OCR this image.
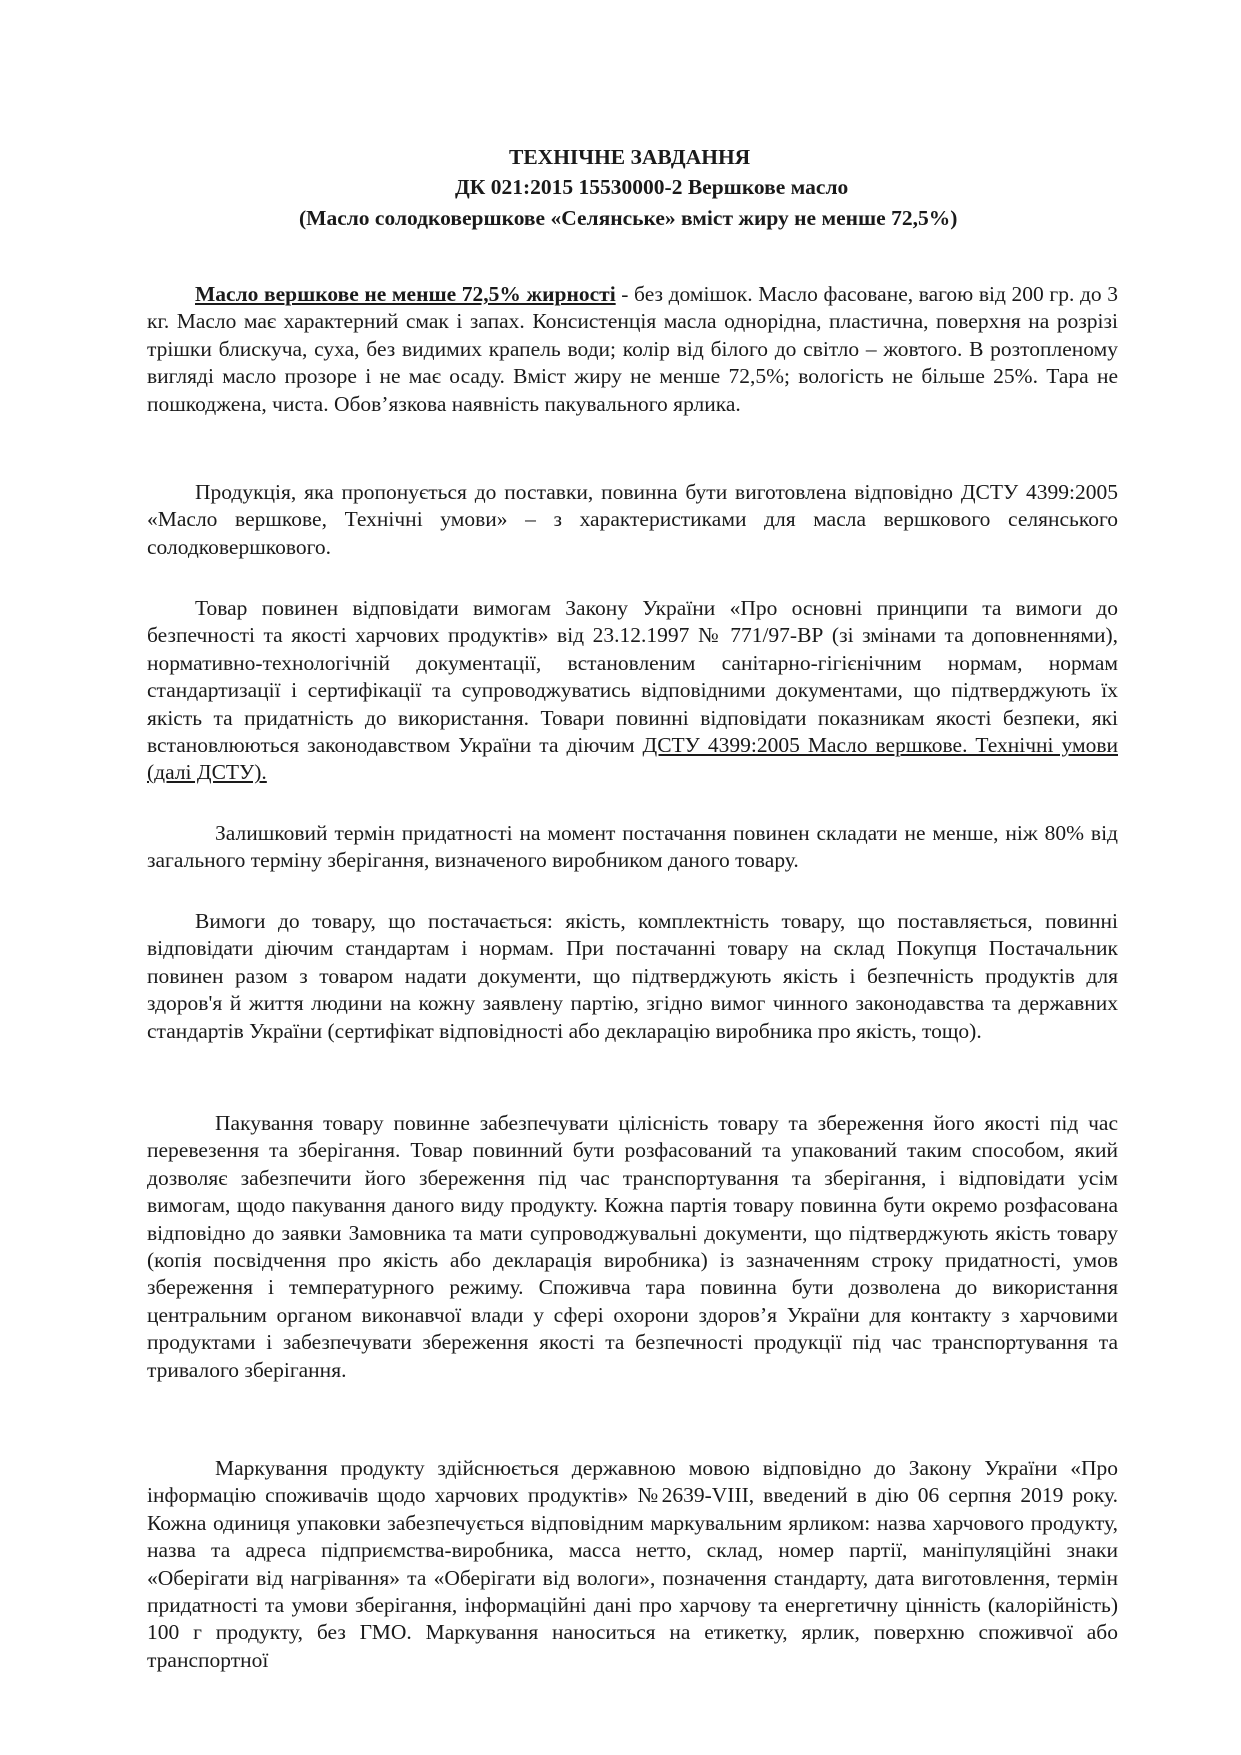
ТЕХНІЧНЕ ЗАВДАННЯ
ДК 021:2015 15530000-2 Вершкове масло
(Масло солодковершкове «Селянське» вміст жиру не менше 72,5%)

Масло вершкове не менше 72,5% жирності - без домішок. Масло фасоване, вагою від 200 гр. до 3 кг. Масло має характерний смак і запах. Консистенція масла однорідна, пластична, поверхня на розрізі трішки блискуча, суха, без видимих крапель води; колір від білого до світло – жовтого. В розтопленому вигляді масло прозоре і не має осаду. Вміст жиру не менше 72,5%; вологість не більше 25%. Тара не пошкоджена, чиста. Обов’язкова наявність пакувального ярлика.

Продукція, яка пропонується до поставки, повинна бути виготовлена відповідно ДСТУ 4399:2005 «Масло вершкове, Технічні умови» – з характеристиками для масла вершкового селянського солодковершкового.

Товар повинен відповідати вимогам Закону України «Про основні принципи та вимоги до безпечності та якості харчових продуктів» від 23.12.1997 № 771/97-ВР (зі змінами та доповненнями), нормативно-технологічній документації, встановленим санітарно-гігієнічним нормам, нормам стандартизації і сертифікації та супроводжуватись відповідними документами, що підтверджують їх якість та придатність до використання. Товари повинні відповідати показникам якості безпеки, які встановлюються законодавством України та діючим ДСТУ 4399:2005 Масло вершкове. Технічні умови (далі ДСТУ).

Залишковий термін придатності на момент постачання повинен складати не менше, ніж 80% від загального терміну зберігання, визначеного виробником даного товару.

Вимоги до товару, що постачається: якість, комплектність товару, що поставляється, повинні відповідати діючим стандартам і нормам. При постачанні товару на склад Покупця Постачальник повинен разом з товаром надати документи, що підтверджують якість і безпечність продуктів для здоров'я й життя людини на кожну заявлену партію, згідно вимог чинного законодавства та державних стандартів України (сертифікат відповідності або декларацію виробника про якість, тощо).

Пакування товару повинне забезпечувати цілісність товару та збереження його якості під час перевезення та зберігання. Товар повинний бути розфасований та упакований таким способом, який дозволяє забезпечити його збереження під час транспортування та зберігання, і відповідати усім вимогам, щодо пакування даного виду продукту. Кожна партія товару повинна бути окремо розфасована відповідно до заявки Замовника та мати супроводжувальні документи, що підтверджують якість товару (копія посвідчення про якість або декларація виробника) із зазначенням строку придатності, умов збереження і температурного режиму. Споживча тара повинна бути дозволена до використання центральним органом виконавчої влади у сфері охорони здоров’я України для контакту з харчовими продуктами і забезпечувати збереження якості та безпечності продукції під час транспортування та тривалого зберігання.

Маркування продукту здійснюється державною мовою відповідно до Закону України «Про інформацію споживачів щодо харчових продуктів» №2639-VIII, введений в дію 06 серпня 2019 року. Кожна одиниця упаковки забезпечується відповідним маркувальним ярликом: назва харчового продукту, назва та адреса підприємства-виробника, масса нетто, склад, номер партії, маніпуляційні знаки «Оберігати від нагрівання» та «Оберігати від вологи», позначення стандарту, дата виготовлення, термін придатності та умови зберігання, інформаційні дані про харчову та енергетичну цінність (калорійність) 100 г продукту, без ГМО. Маркування наноситься на етикетку, ярлик, поверхню споживчої або транспортної
